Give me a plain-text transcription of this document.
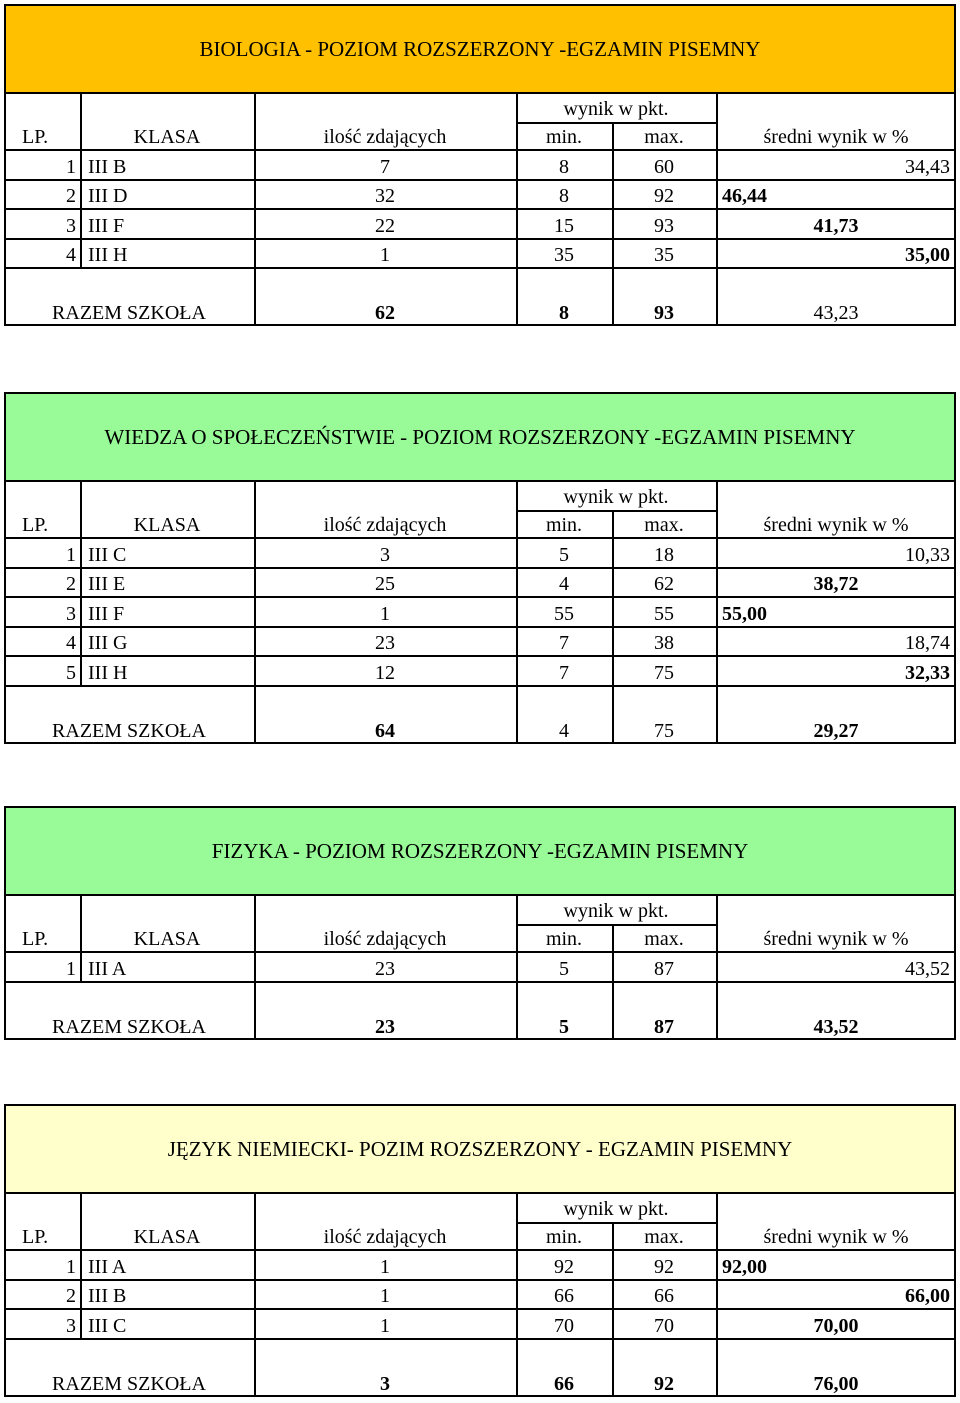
BIOLOGIA - POZIOM ROZSZERZONY -EGZAMIN PISEMNY
wynik w pkt.
LP.	KLASA	ilość zdających	min.	max.	średni wynik w %
1 III B	7	8	60	34,43
2 III D	32	8	92	46,44
3 III F	22	15	93	41,73
4 III H	1	35	35	35,00
RAZEM SZKOŁA	62	8	93	43,23
WIEDZA O SPOŁECZEŃSTWIE - POZIOM ROZSZERZONY -EGZAMIN PISEMNY
wynik w pkt.
LP.	KLASA	ilość zdających	min.	max.	średni wynik w %
1 III C	3	5	18	10,33
2 III E	25	4	62	38,72
3 III F	1	55	55	55,00
4 III G	23	7	38	18,74
5 III H	12	7	75	32,33
RAZEM SZKOŁA	64	4	75	29,27
FIZYKA - POZIOM ROZSZERZONY -EGZAMIN PISEMNY
wynik w pkt.
LP.	KLASA	ilość zdających	min.	max.	średni wynik w %
1 III A	23	5	87	43,52
RAZEM SZKOŁA	23	5	87	43,52
JĘZYK NIEMIECKI- POZIM ROZSZERZONY - EGZAMIN PISEMNY
wynik w pkt.
LP.	KLASA	ilość zdających	min.	max.	średni wynik w %
1 III A	1	92	92	92,00
2 III B	1	66	66	66,00
3 III C	1	70	70	70,00
RAZEM SZKOŁA	3	66	92	76,00
